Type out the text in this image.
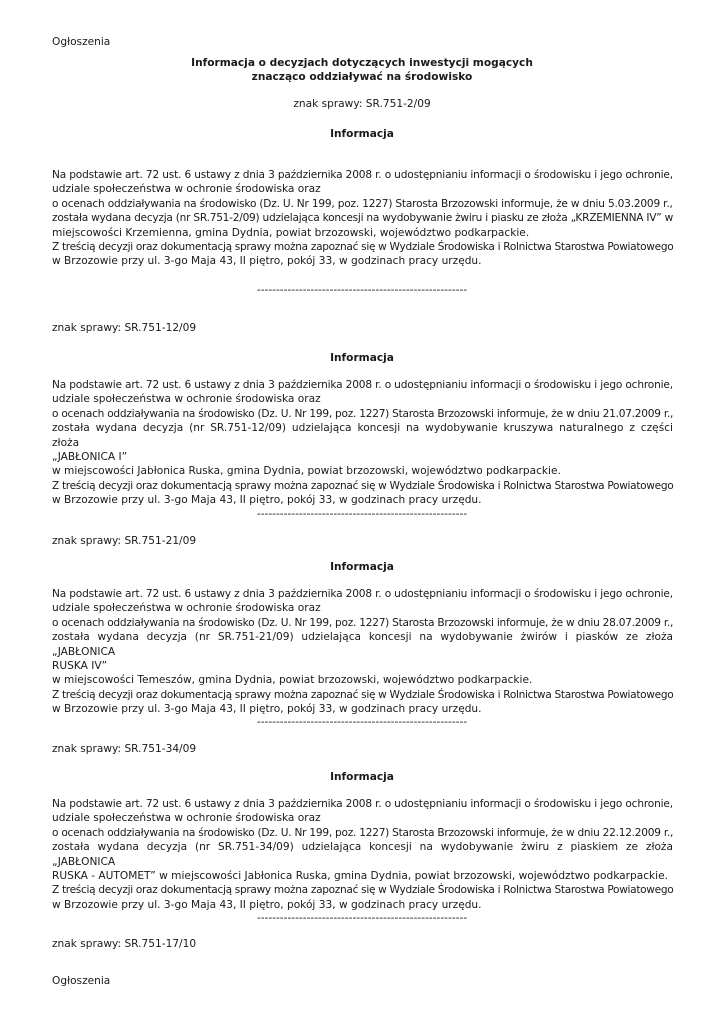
Ogłoszenia

Informacja o decyzjach dotyczących inwestycji mogących
znacząco oddziaływać na środowisko

znak sprawy: SR.751-2/09

Informacja

Na podstawie art. 72 ust. 6 ustawy z dnia 3 października 2008 r. o udostępnianiu informacji o środowisku i jego ochronie,
udziale społeczeństwa w ochronie środowiska oraz
o ocenach oddziaływania na środowisko (Dz. U. Nr 199, poz. 1227) Starosta Brzozowski informuje, że w dniu 5.03.2009 r.,
została wydana decyzja (nr SR.751-2/09) udzielająca koncesji na wydobywanie żwiru i piasku ze złoża „KRZEMIENNA IV” w
miejscowości Krzemienna, gmina Dydnia, powiat brzozowski, województwo podkarpackie.
Z treścią decyzji oraz dokumentacją sprawy można zapoznać się w Wydziale Środowiska i Rolnictwa Starostwa Powiatowego
w Brzozowie przy ul. 3-go Maja 43, II piętro, pokój 33, w godzinach pracy urzędu.

-------------------------------------------------------

znak sprawy: SR.751-12/09

Informacja

Na podstawie art. 72 ust. 6 ustawy z dnia 3 października 2008 r. o udostępnianiu informacji o środowisku i jego ochronie,
udziale społeczeństwa w ochronie środowiska oraz
o ocenach oddziaływania na środowisko (Dz. U. Nr 199, poz. 1227) Starosta Brzozowski informuje, że w dniu 21.07.2009 r.,
została wydana decyzja (nr SR.751-12/09) udzielająca koncesji na wydobywanie kruszywa naturalnego z części złoża
„JABŁONICA I”
w miejscowości Jabłonica Ruska, gmina Dydnia, powiat brzozowski, województwo podkarpackie.
Z treścią decyzji oraz dokumentacją sprawy można zapoznać się w Wydziale Środowiska i Rolnictwa Starostwa Powiatowego
w Brzozowie przy ul. 3-go Maja 43, II piętro, pokój 33, w godzinach pracy urzędu.

-------------------------------------------------------

znak sprawy: SR.751-21/09

Informacja

Na podstawie art. 72 ust. 6 ustawy z dnia 3 października 2008 r. o udostępnianiu informacji o środowisku i jego ochronie,
udziale społeczeństwa w ochronie środowiska oraz
o ocenach oddziaływania na środowisko (Dz. U. Nr 199, poz. 1227) Starosta Brzozowski informuje, że w dniu 28.07.2009 r.,
została wydana decyzja (nr SR.751-21/09) udzielająca koncesji na wydobywanie żwirów i piasków ze złoża „JABŁONICA
RUSKA IV”
w miejscowości Temeszów, gmina Dydnia, powiat brzozowski, województwo podkarpackie.
Z treścią decyzji oraz dokumentacją sprawy można zapoznać się w Wydziale Środowiska i Rolnictwa Starostwa Powiatowego
w Brzozowie przy ul. 3-go Maja 43, II piętro, pokój 33, w godzinach pracy urzędu.

-------------------------------------------------------

znak sprawy: SR.751-34/09

Informacja

Na podstawie art. 72 ust. 6 ustawy z dnia 3 października 2008 r. o udostępnianiu informacji o środowisku i jego ochronie,
udziale społeczeństwa w ochronie środowiska oraz
o ocenach oddziaływania na środowisko (Dz. U. Nr 199, poz. 1227) Starosta Brzozowski informuje, że w dniu 22.12.2009 r.,
została wydana decyzja (nr SR.751-34/09) udzielająca koncesji na wydobywanie żwiru z piaskiem ze złoża „JABŁONICA
RUSKA - AUTOMET” w miejscowości Jabłonica Ruska, gmina Dydnia, powiat brzozowski, województwo podkarpackie.
Z treścią decyzji oraz dokumentacją sprawy można zapoznać się w Wydziale Środowiska i Rolnictwa Starostwa Powiatowego
w Brzozowie przy ul. 3-go Maja 43, II piętro, pokój 33, w godzinach pracy urzędu.

-------------------------------------------------------

znak sprawy: SR.751-17/10

Ogłoszenia
